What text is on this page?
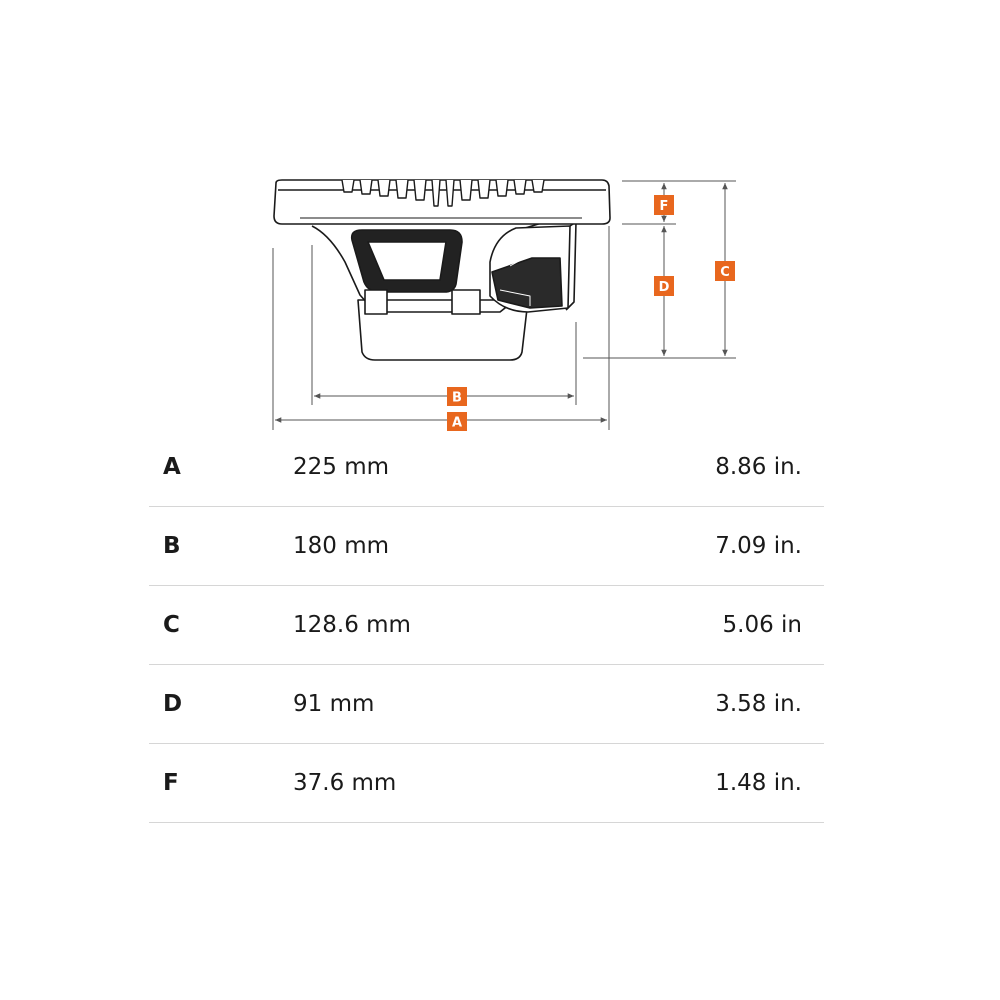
A
B
C
D
F
A	225 mm	8.86 in.
B	180 mm	7.09 in.
C	128.6 mm	5.06 in
D	91 mm	3.58 in.
F	37.6 mm	1.48 in.
